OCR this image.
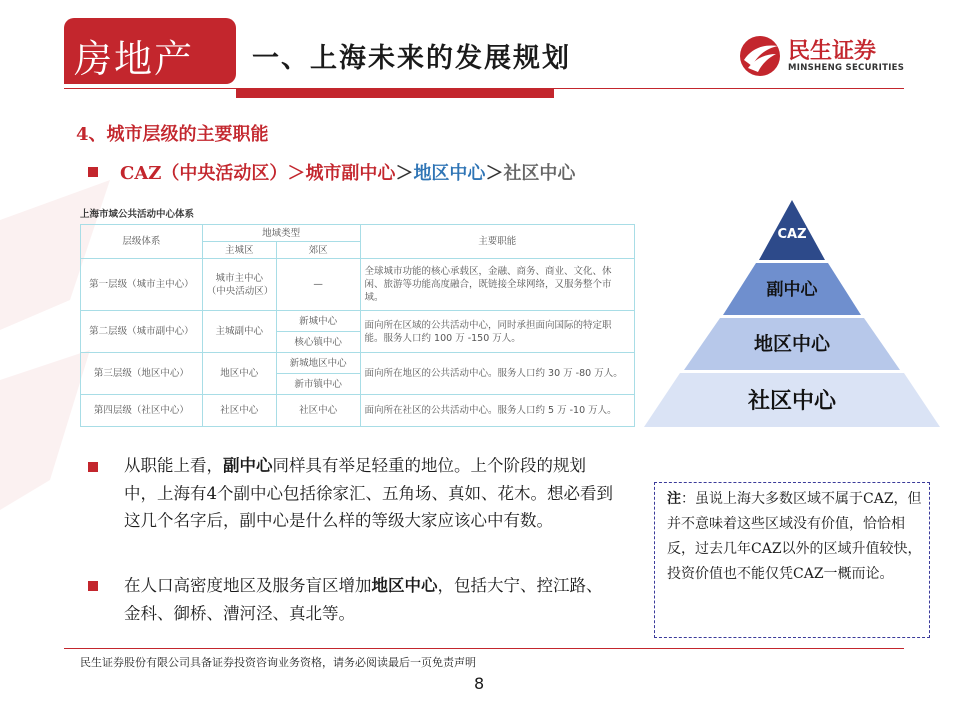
房地产 一、上海未来的发展规划	民生证券
MINSHENG SECURITIES
4、城市层级的主要职能
CAZ（中央活动区）＞城市副中心＞地区中心＞社区中心
上海市域公共活动中心体系
层级体系	地域类型		主要职能
	主城区	郊区	
第一层级（城市主中心）	城市主中心（中央活动区）	—	全球城市功能的核心承载区，金融、商务、商业、文化、休闲、旅游等功能高度融合，既链接全球网络，又服务整个市域。
第二层级（城市副中心）	主城副中心	新城中心	面向所在区域的公共活动中心，同时承担面向国际的特定职能。服务人口约 100 万 -150 万人。
		核心镇中心	
第三层级（地区中心）	地区中心	新城地区中心	面向所在地区的公共活动中心。服务人口约 30 万 -80 万人。
		新市镇中心	
第四层级（社区中心）	社区中心	社区中心	面向所在社区的公共活动中心。服务人口约 5 万 -10 万人。
CAZ
副中心
地区中心
社区中心
从职能上看，副中心同样具有举足轻重的地位。上个阶段的规划中，上海有4个副中心包括徐家汇、五角场、真如、花木。想必看到这几个名字后，副中心是什么样的等级大家应该心中有数。
在人口高密度地区及服务盲区增加地区中心，包括大宁、控江路、金科、御桥、漕河泾、真北等。
注：虽说上海大多数区域不属于CAZ，但并不意味着这些区域没有价值，恰恰相反，过去几年CAZ以外的区域升值较快，投资价值也不能仅凭CAZ一概而论。
民生证券股份有限公司具备证券投资咨询业务资格，请务必阅读最后一页免责声明
8
